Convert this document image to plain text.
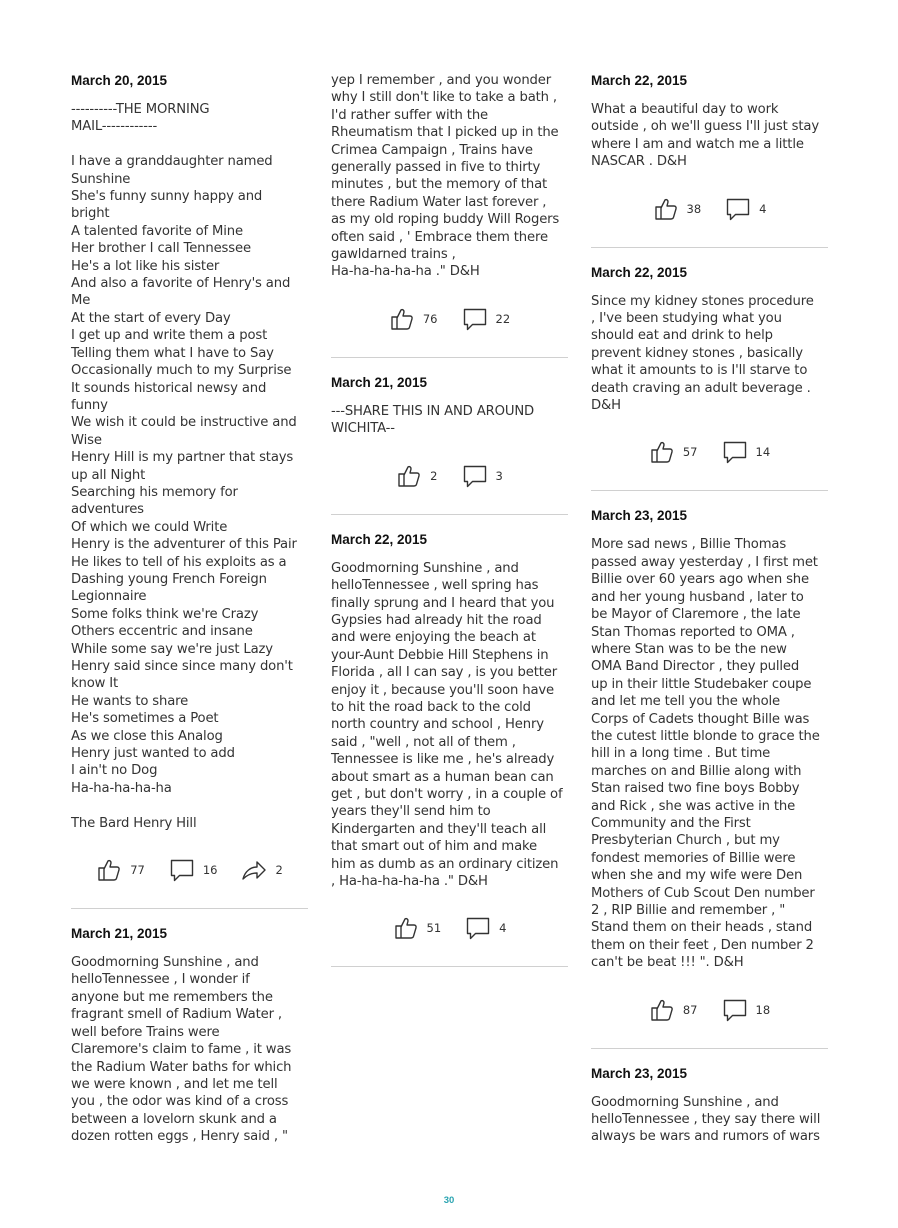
March 20, 2015

----------THE MORNING
MAIL------------

I have a granddaughter named
Sunshine
She's funny sunny happy and
bright
A talented favorite of Mine
Her brother I call Tennessee
He's a lot like his sister
And also a favorite of Henry's and
Me
At the start of every Day
I get up and write them a post
Telling them what I have to Say
Occasionally much to my Surprise
It sounds historical newsy and
funny
We wish it could be instructive and
Wise
Henry Hill is my partner that stays
up all Night
Searching his memory for
adventures
Of which we could Write
Henry is the adventurer of this Pair
He likes to tell of his exploits as a
Dashing young French Foreign
Legionnaire
Some folks think we're Crazy
Others eccentric and insane
While some say we're just Lazy
Henry said since since many don't
know It
He wants to share
He's sometimes a Poet
As we close this Analog
Henry just wanted to add
I ain't no Dog
Ha-ha-ha-ha-ha

The Bard Henry Hill

77	16	2
March 21, 2015

Goodmorning Sunshine , and
helloTennessee , I wonder if
anyone but me remembers the
fragrant smell of Radium Water ,
well before Trains were
Claremore's claim to fame , it was
the Radium Water baths for which
we were known , and let me tell
you , the odor was kind of a cross
between a lovelorn skunk and a
dozen rotten eggs , Henry said , "

yep I remember , and you wonder
why I still don't like to take a bath ,
I'd rather suffer with the
Rheumatism that I picked up in the
Crimea Campaign , Trains have
generally passed in five to thirty
minutes , but the memory of that
there Radium Water last forever ,
as my old roping buddy Will Rogers
often said , ' Embrace them there
gawldarned trains ,
Ha-ha-ha-ha-ha ." D&H

76	22
March 21, 2015

---SHARE THIS IN AND AROUND
WICHITA--

2	3
March 22, 2015

Goodmorning Sunshine , and
helloTennessee , well spring has
finally sprung and I heard that you
Gypsies had already hit the road
and were enjoying the beach at
your-Aunt Debbie Hill Stephens in
Florida , all I can say , is you better
enjoy it , because you'll soon have
to hit the road back to the cold
north country and school , Henry
said , "well , not all of them ,
Tennessee is like me , he's already
about smart as a human bean can
get , but don't worry , in a couple of
years they'll send him to
Kindergarten and they'll teach all
that smart out of him and make
him as dumb as an ordinary citizen
, Ha-ha-ha-ha-ha ." D&H

51	4
March 22, 2015

What a beautiful day to work
outside , oh we'll guess I'll just stay
where I am and watch me a little
NASCAR . D&H

38	4
March 22, 2015

Since my kidney stones procedure
, I've been studying what you
should eat and drink to help
prevent kidney stones , basically
what it amounts to is I'll starve to
death craving an adult beverage .
D&H

57	14
March 23, 2015

More sad news , Billie Thomas
passed away yesterday , I first met
Billie over 60 years ago when she
and her young husband , later to
be Mayor of Claremore , the late
Stan Thomas reported to OMA ,
where Stan was to be the new
OMA Band Director , they pulled
up in their little Studebaker coupe
and let me tell you the whole
Corps of Cadets thought Bille was
the cutest little blonde to grace the
hill in a long time . But time
marches on and Billie along with
Stan raised two fine boys Bobby
and Rick , she was active in the
Community and the First
Presbyterian Church , but my
fondest memories of Billie were
when she and my wife were Den
Mothers of Cub Scout Den number
2 , RIP Billie and remember , "
Stand them on their heads , stand
them on their feet , Den number 2
can't be beat !!! ". D&H

87	18
March 23, 2015

Goodmorning Sunshine , and
helloTennessee , they say there will
always be wars and rumors of wars

30
